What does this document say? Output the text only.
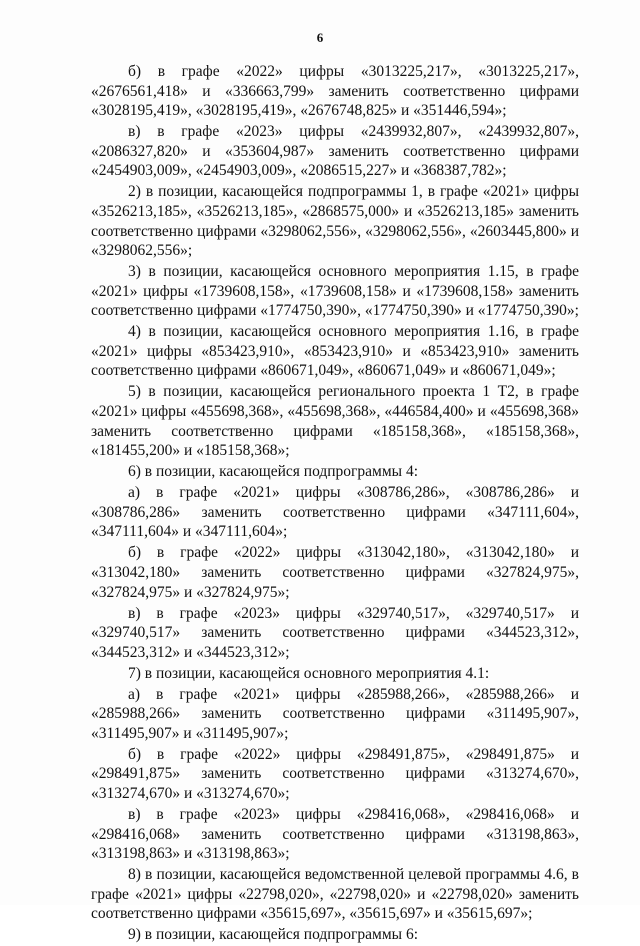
6

б) в графе «2022» цифры «3013225,217», «3013225,217», «2676561,418» и «336663,799» заменить соответственно цифрами «3028195,419», «3028195,419», «2676748,825» и «351446,594»;

в) в графе «2023» цифры «2439932,807», «2439932,807», «2086327,820» и «353604,987» заменить соответственно цифрами «2454903,009», «2454903,009», «2086515,227» и «368387,782»;

2) в позиции, касающейся подпрограммы 1, в графе «2021» цифры «3526213,185», «3526213,185», «2868575,000» и «3526213,185» заменить соответственно цифрами «3298062,556», «3298062,556», «2603445,800» и «3298062,556»;

3) в позиции, касающейся основного мероприятия 1.15, в графе «2021» цифры «1739608,158», «1739608,158» и «1739608,158» заменить соответственно цифрами «1774750,390», «1774750,390» и «1774750,390»;

4) в позиции, касающейся основного мероприятия 1.16, в графе «2021» цифры «853423,910», «853423,910» и «853423,910» заменить соответственно цифрами «860671,049», «860671,049» и «860671,049»;

5) в позиции, касающейся регионального проекта 1 Т2, в графе «2021» цифры «455698,368», «455698,368», «446584,400» и «455698,368» заменить соответственно цифрами «185158,368», «185158,368», «181455,200» и «185158,368»;

6) в позиции, касающейся подпрограммы 4:

а) в графе «2021» цифры «308786,286», «308786,286» и «308786,286» заменить соответственно цифрами «347111,604», «347111,604» и «347111,604»;

б) в графе «2022» цифры «313042,180», «313042,180» и «313042,180» заменить соответственно цифрами «327824,975», «327824,975» и «327824,975»;

в) в графе «2023» цифры «329740,517», «329740,517» и «329740,517» заменить соответственно цифрами «344523,312», «344523,312» и «344523,312»;

7) в позиции, касающейся основного мероприятия 4.1:

а) в графе «2021» цифры «285988,266», «285988,266» и «285988,266» заменить соответственно цифрами «311495,907», «311495,907» и «311495,907»;

б) в графе «2022» цифры «298491,875», «298491,875» и «298491,875» заменить соответственно цифрами «313274,670», «313274,670» и «313274,670»;

в) в графе «2023» цифры «298416,068», «298416,068» и «298416,068» заменить соответственно цифрами «313198,863», «313198,863» и «313198,863»;

8) в позиции, касающейся ведомственной целевой программы 4.6, в графе «2021» цифры «22798,020», «22798,020» и «22798,020» заменить соответственно цифрами «35615,697», «35615,697» и «35615,697»;

9) в позиции, касающейся подпрограммы 6:
